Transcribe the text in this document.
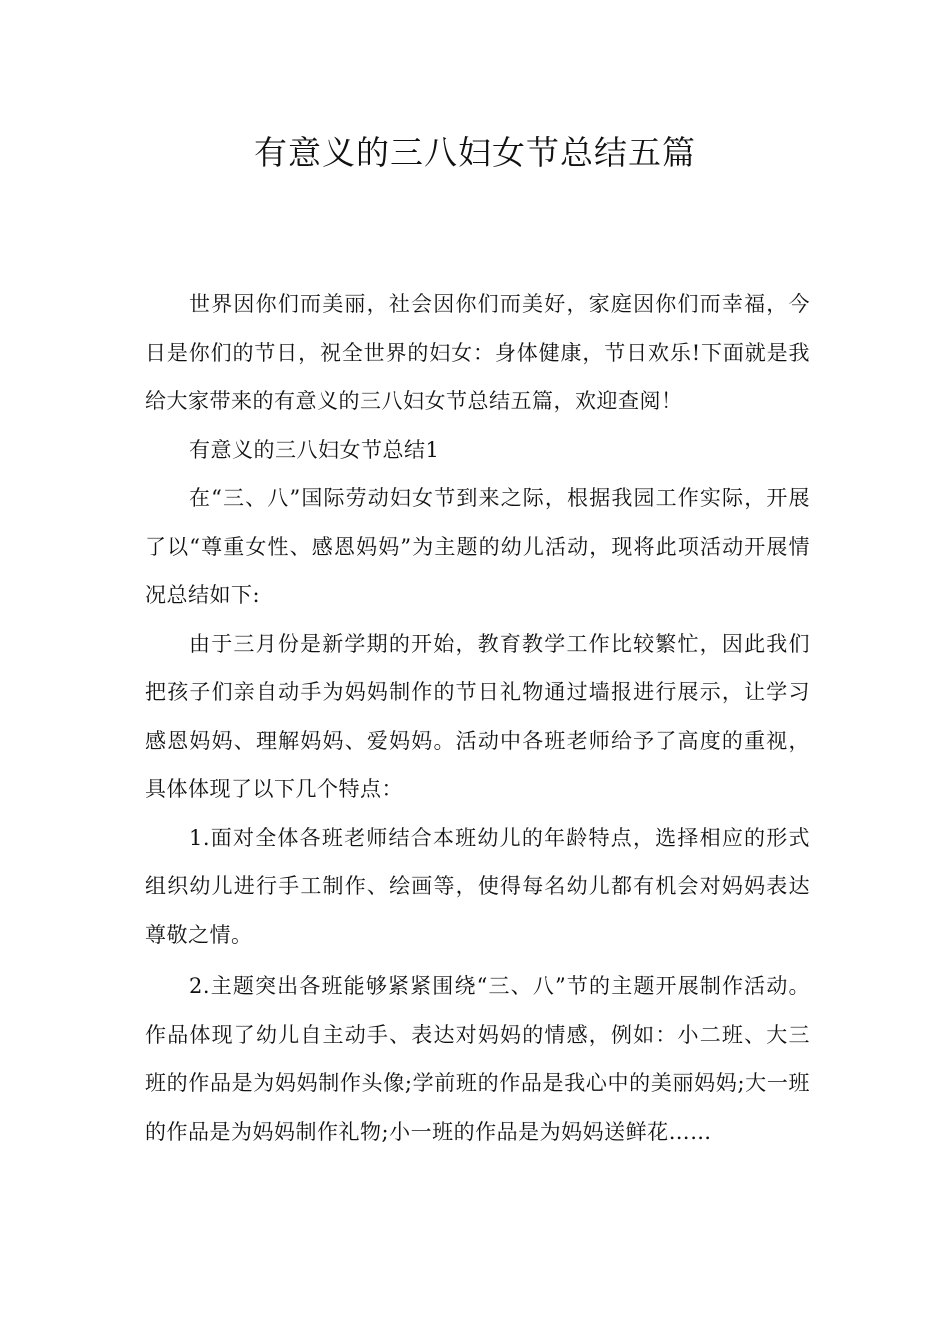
有意义的三八妇女节总结五篇

世界因你们而美丽，社会因你们而美好，家庭因你们而幸福，今日是你们的节日，祝全世界的妇女：身体健康，节日欢乐!下面就是我给大家带来的有意义的三八妇女节总结五篇，欢迎查阅！

有意义的三八妇女节总结1

在“三、八”国际劳动妇女节到来之际，根据我园工作实际，开展了以“尊重女性、感恩妈妈”为主题的幼儿活动，现将此项活动开展情况总结如下:

由于三月份是新学期的开始，教育教学工作比较繁忙，因此我们把孩子们亲自动手为妈妈制作的节日礼物通过墙报进行展示，让学习感恩妈妈、理解妈妈、爱妈妈。活动中各班老师给予了高度的重视，具体体现了以下几个特点：

1.面对全体各班老师结合本班幼儿的年龄特点，选择相应的形式组织幼儿进行手工制作、绘画等，使得每名幼儿都有机会对妈妈表达尊敬之情。

2.主题突出各班能够紧紧围绕“三、八”节的主题开展制作活动。作品体现了幼儿自主动手、表达对妈妈的情感，例如：小二班、大三班的作品是为妈妈制作头像;学前班的作品是我心中的美丽妈妈;大一班的作品是为妈妈制作礼物;小一班的作品是为妈妈送鲜花……
